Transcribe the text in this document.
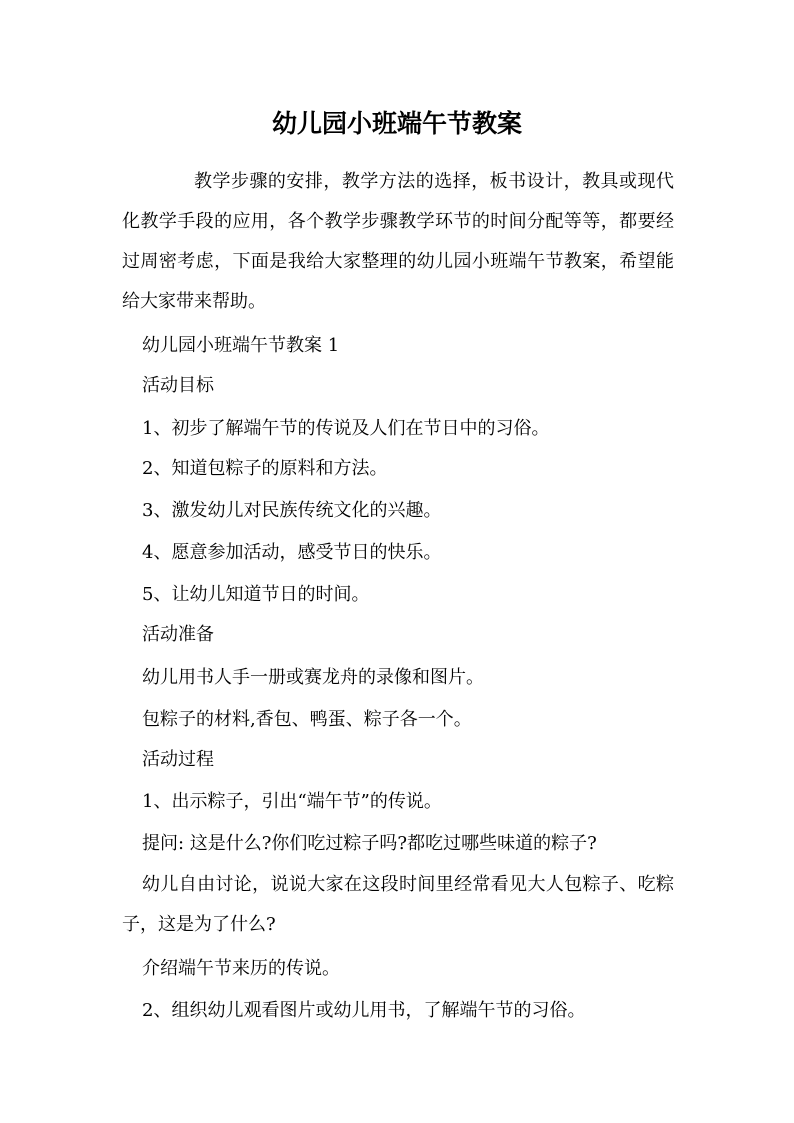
幼儿园小班端午节教案

教学步骤的安排，教学方法的选择，板书设计，教具或现代化教学手段的应用，各个教学步骤教学环节的时间分配等等，都要经过周密考虑，下面是我给大家整理的幼儿园小班端午节教案，希望能给大家带来帮助。

幼儿园小班端午节教案 1

活动目标

1、初步了解端午节的传说及人们在节日中的习俗。

2、知道包粽子的原料和方法。

3、激发幼儿对民族传统文化的兴趣。

4、愿意参加活动，感受节日的快乐。

5、让幼儿知道节日的时间。

活动准备

幼儿用书人手一册或赛龙舟的录像和图片。

包粽子的材料,香包、鸭蛋、粽子各一个。

活动过程

1、出示粽子，引出“端午节”的传说。

提问: 这是什么?你们吃过粽子吗?都吃过哪些味道的粽子?

幼儿自由讨论，说说大家在这段时间里经常看见大人包粽子、吃粽子，这是为了什么?

介绍端午节来历的传说。

2、组织幼儿观看图片或幼儿用书，了解端午节的习俗。
